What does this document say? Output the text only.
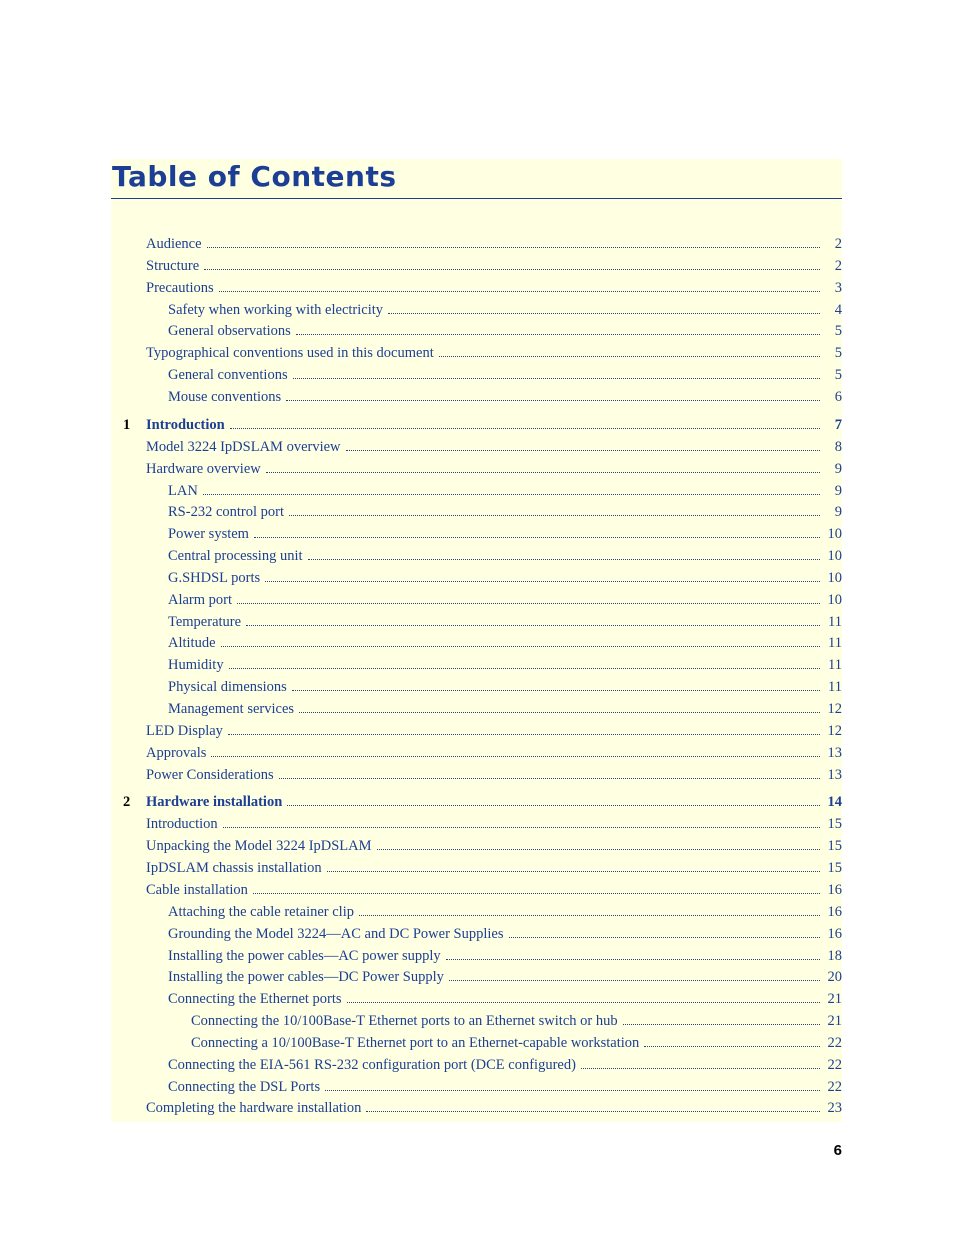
Table of Contents
Audience	2
Structure	2
Precautions	3
Safety when working with electricity	4
General observations	5
Typographical conventions used in this document	5
General conventions	5
Mouse conventions	6
1 Introduction	7
Model 3224 IpDSLAM overview	8
Hardware overview	9
LAN	9
RS-232 control port	9
Power system	10
Central processing unit	10
G.SHDSL ports	10
Alarm port	10
Temperature	11
Altitude	11
Humidity	11
Physical dimensions	11
Management services	12
LED Display	12
Approvals	13
Power Considerations	13
2 Hardware installation	14
Introduction	15
Unpacking the Model 3224 IpDSLAM	15
IpDSLAM chassis installation	15
Cable installation	16
Attaching the cable retainer clip	16
Grounding the Model 3224—AC and DC Power Supplies	16
Installing the power cables—AC power supply	18
Installing the power cables—DC Power Supply	20
Connecting the Ethernet ports	21
Connecting the 10/100Base-T Ethernet ports to an Ethernet switch or hub	21
Connecting a 10/100Base-T Ethernet port to an Ethernet-capable workstation	22
Connecting the EIA-561 RS-232 configuration port (DCE configured)	22
Connecting the DSL Ports	22
Completing the hardware installation	23
6
